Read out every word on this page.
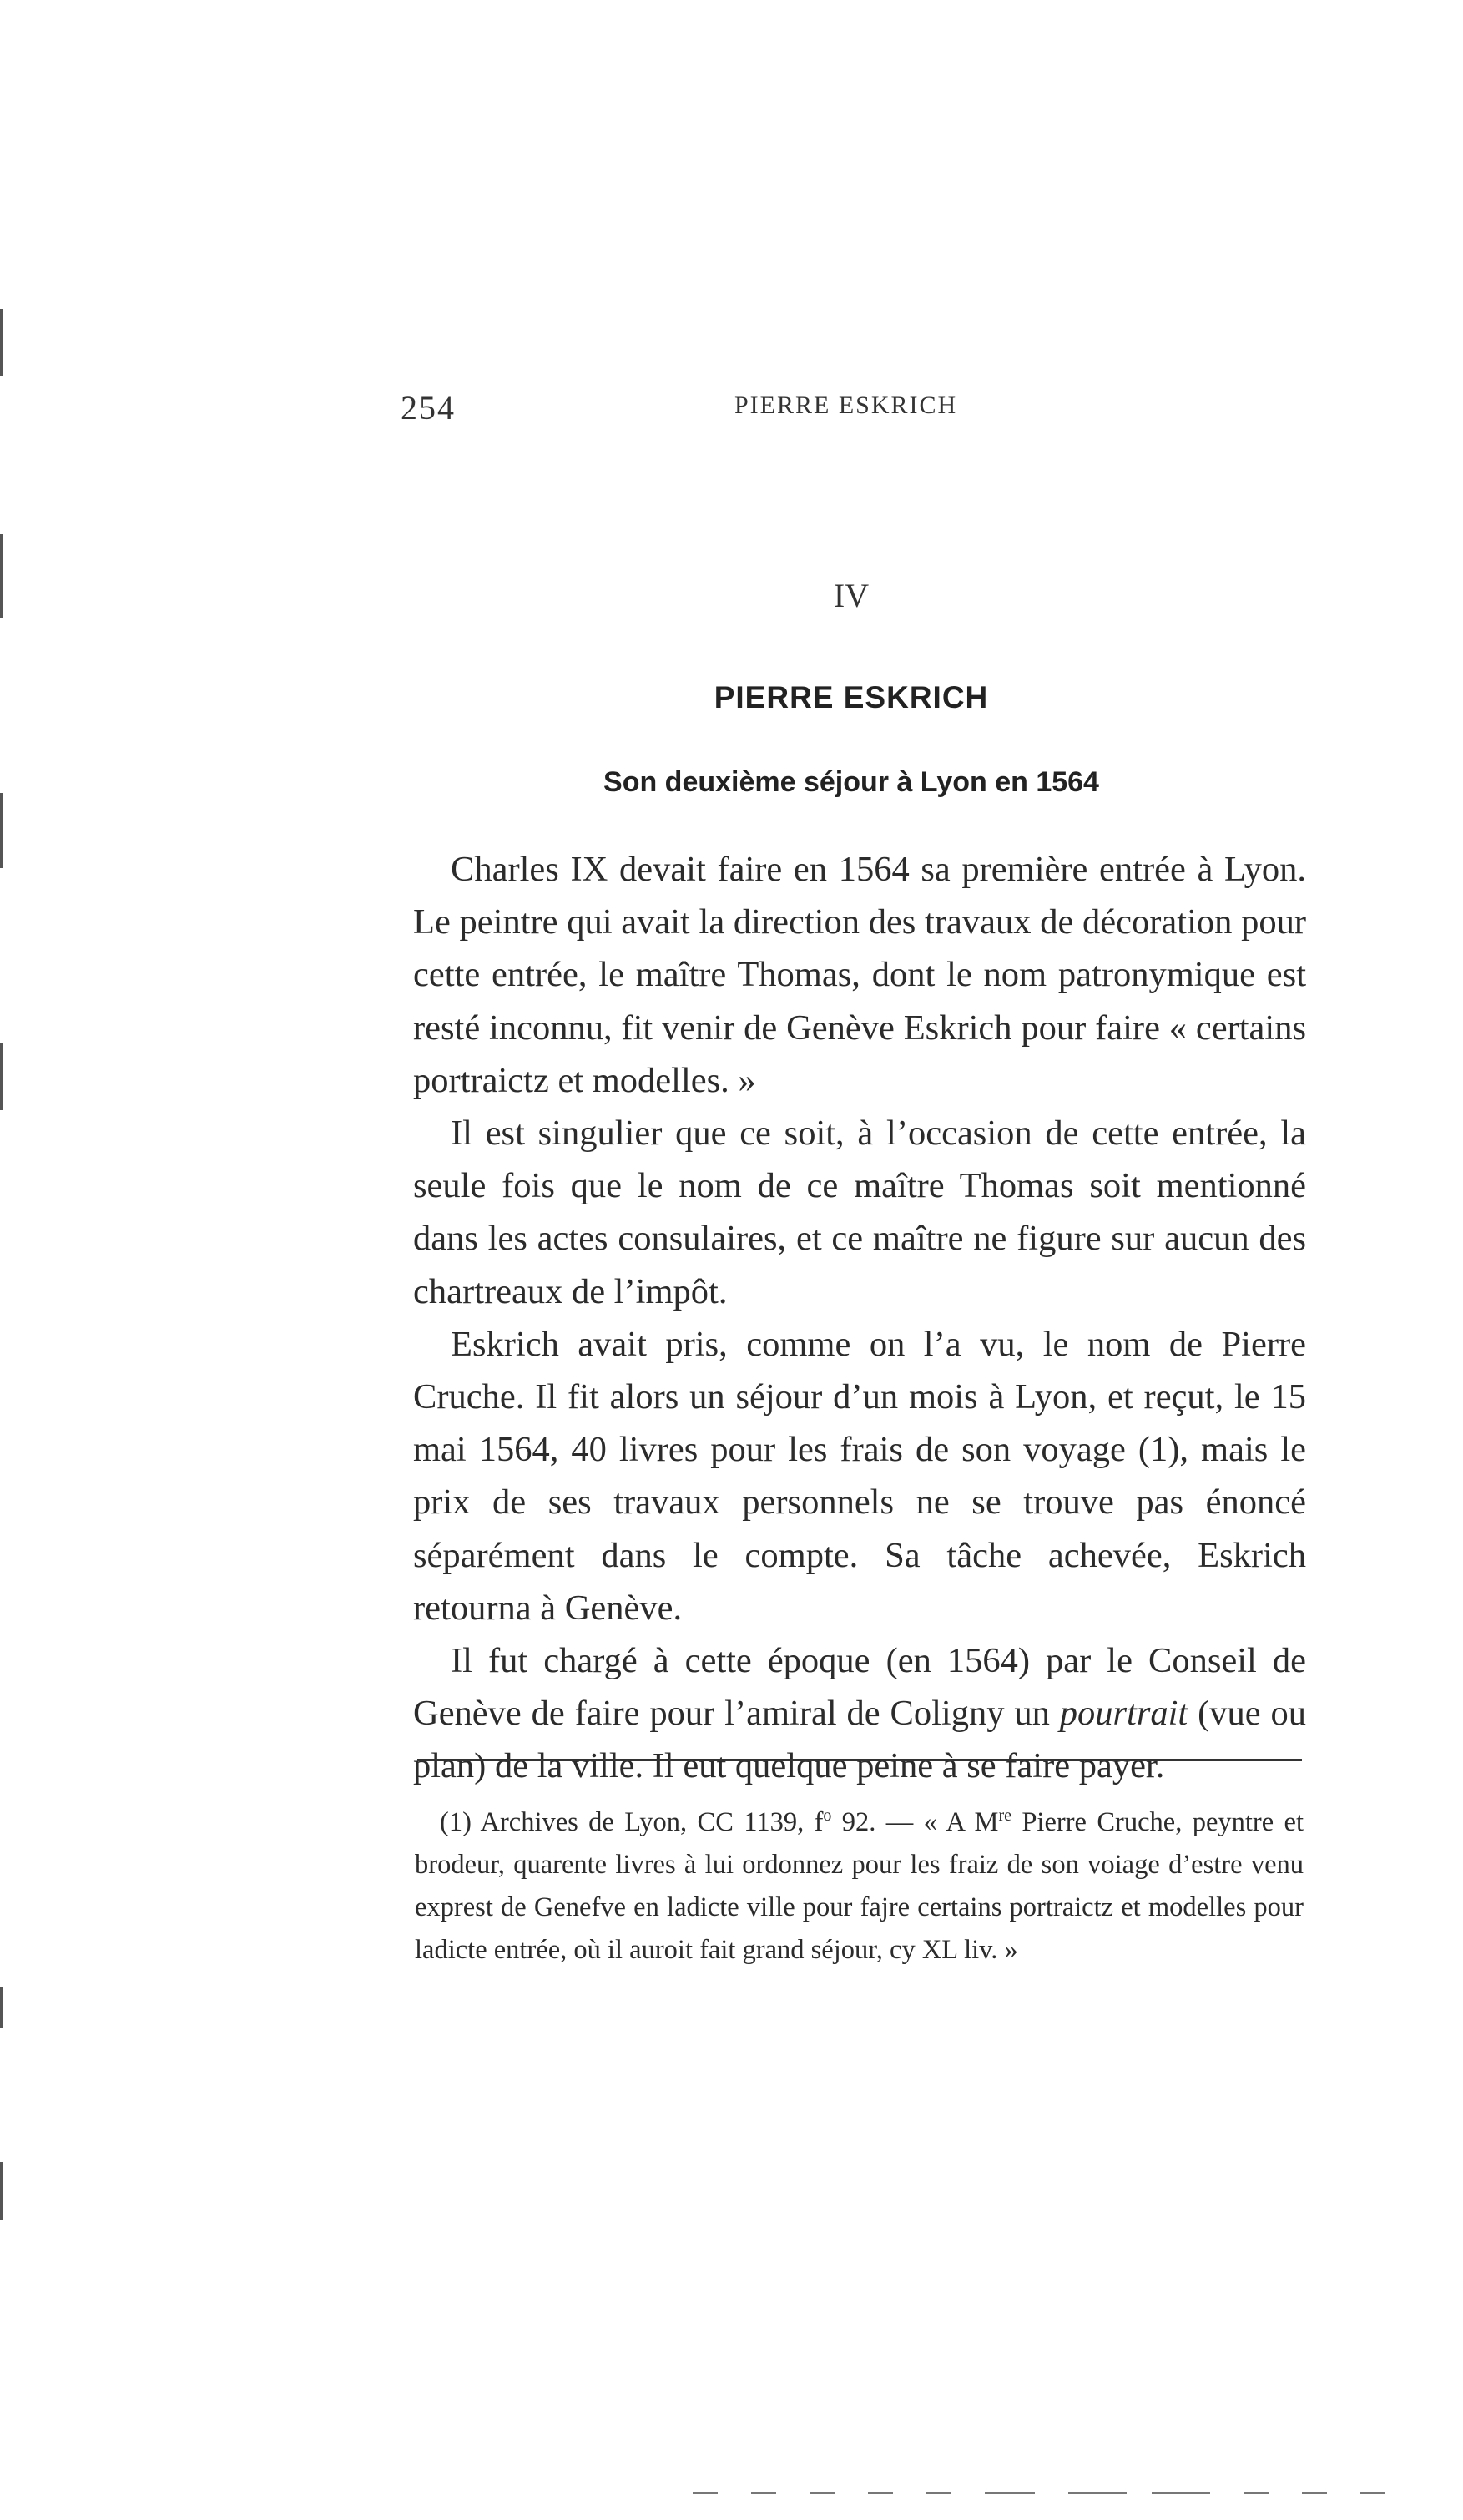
254	PIERRE ESKRICH
IV
PIERRE ESKRICH
Son deuxième séjour à Lyon en 1564

Charles IX devait faire en 1564 sa première entrée à Lyon. Le peintre qui avait la direction des travaux de décoration pour cette entrée, le maître Thomas, dont le nom patronymique est resté inconnu, fit venir de Genève Eskrich pour faire « certains portraictz et modelles. »

Il est singulier que ce soit, à l’occasion de cette entrée, la seule fois que le nom de ce maître Thomas soit mentionné dans les actes consulaires, et ce maître ne figure sur aucun des chartreaux de l’impôt.

Eskrich avait pris, comme on l’a vu, le nom de Pierre Cruche. Il fit alors un séjour d’un mois à Lyon, et reçut, le 15 mai 1564, 40 livres pour les frais de son voyage (1), mais le prix de ses travaux personnels ne se trouve pas énoncé séparément dans le compte. Sa tâche achevée, Eskrich retourna à Genève.

Il fut chargé à cette époque (en 1564) par le Conseil de Genève de faire pour l’amiral de Coligny un pourtrait (vue ou plan) de la ville. Il eut quelque peine à se faire payer.

(1) Archives de Lyon, CC 1139, $f^o$ 92. — « A Mre Pierre Cruche, peyntre et brodeur, quarente livres à lui ordonnez pour les fraiz de son voiage d’estre venu exprest de Genefve en ladicte ville pour fajre certains portraictz et modelles pour ladicte entrée, où il auroit fait grand séjour, cy XL liv. »
